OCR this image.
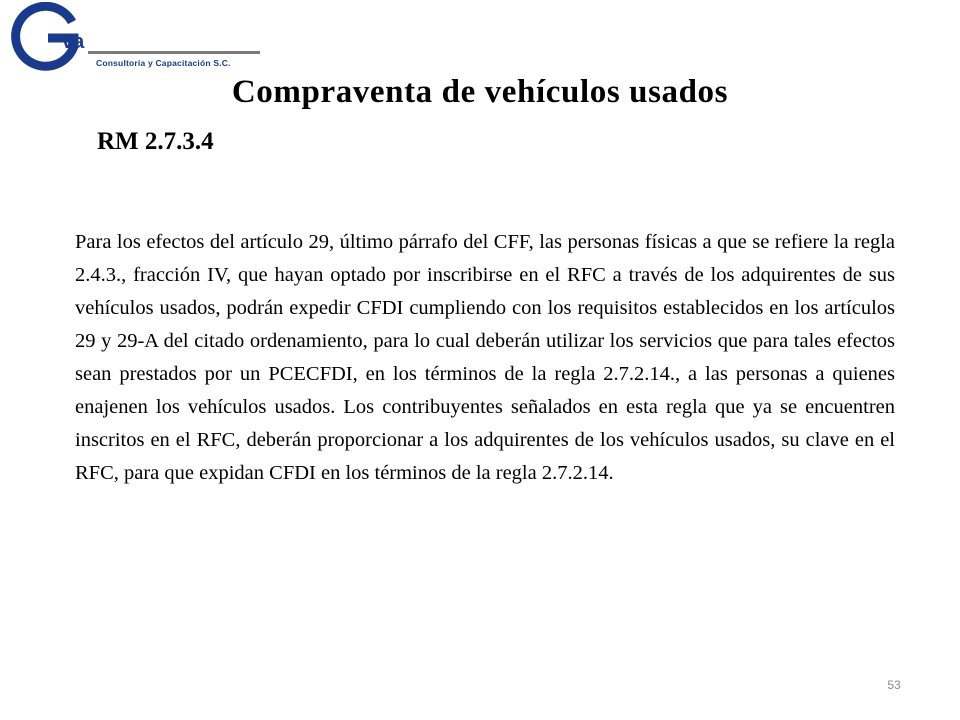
va
Consultoría y Capacitación S.C.
Compraventa de vehículos usados
RM 2.7.3.4

Para los efectos del artículo 29, último párrafo del CFF, las personas físicas a que se refiere la regla 2.4.3., fracción IV, que hayan optado por inscribirse en el RFC a través de los adquirentes de sus vehículos usados, podrán expedir CFDI cumpliendo con los requisitos establecidos en los artículos 29 y 29-A del citado ordenamiento, para lo cual deberán utilizar los servicios que para tales efectos sean prestados por un PCECFDI, en los términos de la regla 2.7.2.14., a las personas a quienes enajenen los vehículos usados. Los contribuyentes señalados en esta regla que ya se encuentren inscritos en el RFC, deberán proporcionar a los adquirentes de los vehículos usados, su clave en el RFC, para que expidan CFDI en los términos de la regla 2.7.2.14.

53
